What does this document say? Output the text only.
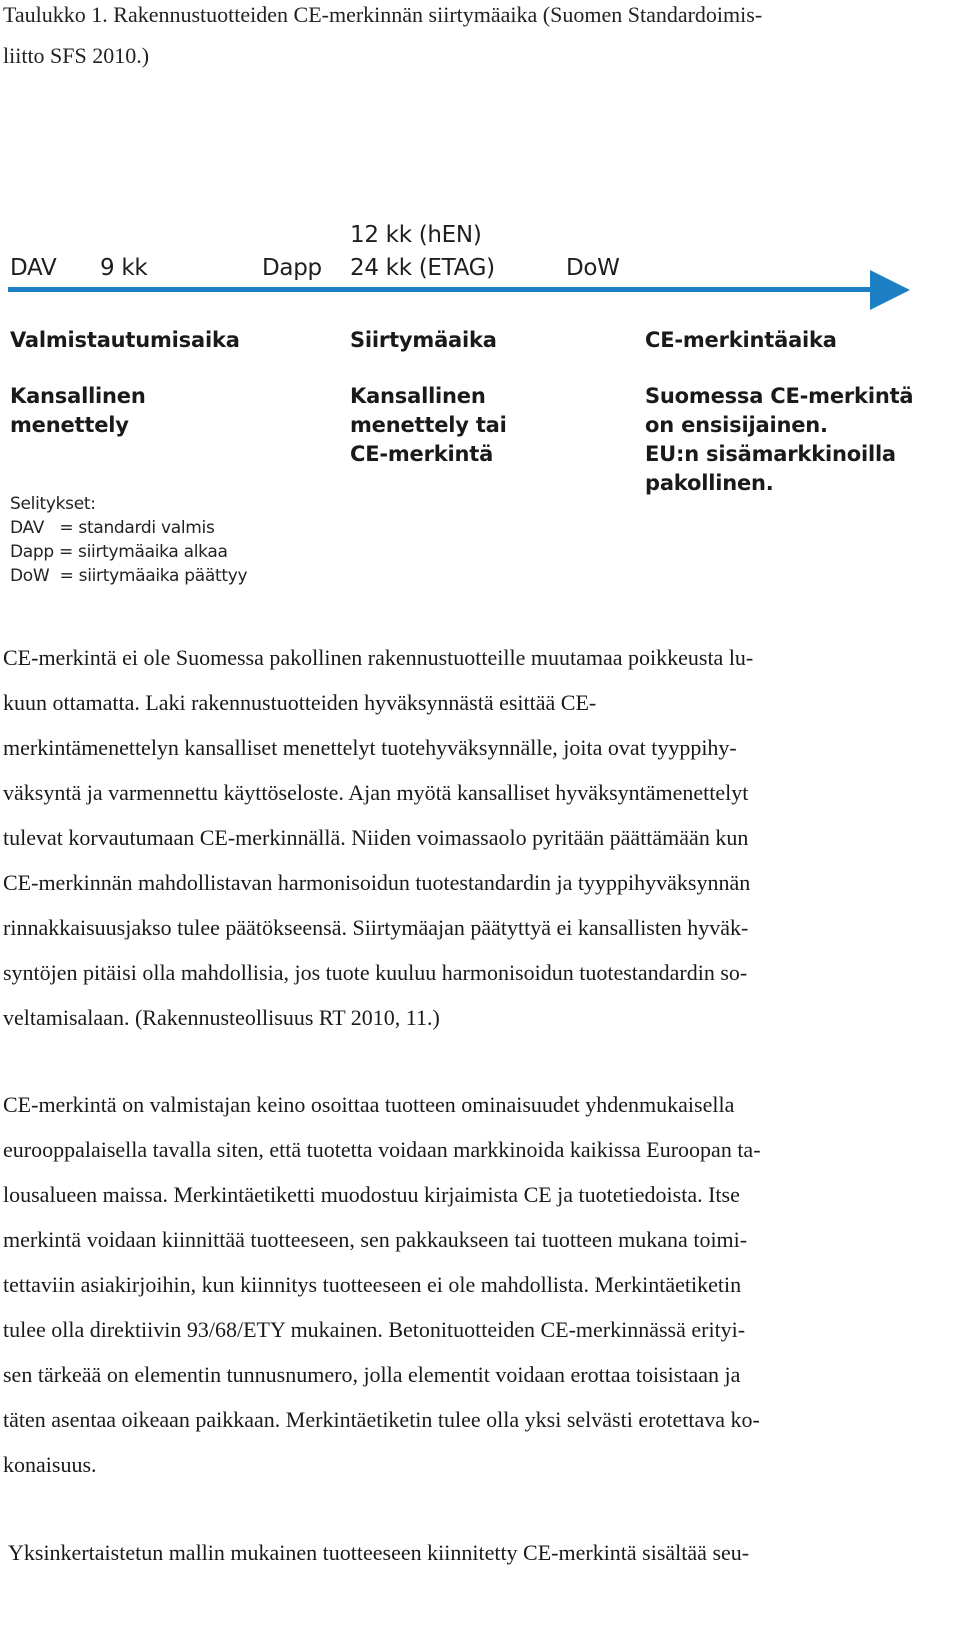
Taulukko 1. Rakennustuotteiden CE-merkinnän siirtymäaika (Suomen Standardoimis-
liitto SFS 2010.)
DAV 9 kk	Dapp
12 kk (hEN)
24 kk (ETAG)	DoW
Valmistautumisaika
Kansallinen
menettely
Siirtymäaika
Kansallinen
menettely tai
CE-merkintä
CE-merkintäaika
Suomessa CE-merkintä
on ensisijainen.
EU:n sisämarkkinoilla
pakollinen.
Selitykset:
DAV   = standardi valmis
Dapp = siirtymäaika alkaa
DoW  = siirtymäaika päättyy
CE-merkintä ei ole Suomessa pakollinen rakennustuotteille muutamaa poikkeusta lu-
kuun ottamatta. Laki rakennustuotteiden hyväksynnästä esittää CE-
merkintämenettelyn kansalliset menettelyt tuotehyväksynnälle, joita ovat tyyppihy-
väksyntä ja varmennettu käyttöseloste. Ajan myötä kansalliset hyväksyntämenettelyt
tulevat korvautumaan CE-merkinnällä. Niiden voimassaolo pyritään päättämään kun
CE-merkinnän mahdollistavan harmonisoidun tuotestandardin ja tyyppihyväksynnän
rinnakkaisuusjakso tulee päätökseensä. Siirtymäajan päätyttyä ei kansallisten hyväk-
syntöjen pitäisi olla mahdollisia, jos tuote kuuluu harmonisoidun tuotestandardin so-
veltamisalaan. (Rakennusteollisuus RT 2010, 11.)
CE-merkintä on valmistajan keino osoittaa tuotteen ominaisuudet yhdenmukaisella
eurooppalaisella tavalla siten, että tuotetta voidaan markkinoida kaikissa Euroopan ta-
lousalueen maissa. Merkintäetiketti muodostuu kirjaimista CE ja tuotetiedoista. Itse
merkintä voidaan kiinnittää tuotteeseen, sen pakkaukseen tai tuotteen mukana toimi-
tettaviin asiakirjoihin, kun kiinnitys tuotteeseen ei ole mahdollista. Merkintäetiketin
tulee olla direktiivin 93/68/ETY mukainen. Betonituotteiden CE-merkinnässä erityi-
sen tärkeää on elementin tunnusnumero, jolla elementit voidaan erottaa toisistaan ja
täten asentaa oikeaan paikkaan. Merkintäetiketin tulee olla yksi selvästi erotettava ko-
konaisuus.
Yksinkertaistetun mallin mukainen tuotteeseen kiinnitetty CE-merkintä sisältää seu-
